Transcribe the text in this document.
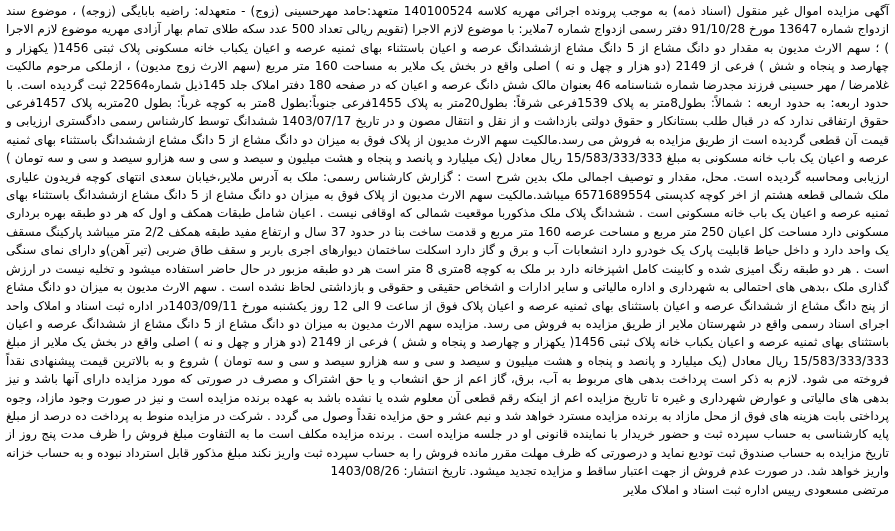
آگهی مزایده اموال غیر منقول (اسناد ذمه) به موجب پرونده اجرائی مهریه کلاسه 140100524 متعهد:حامد مهرحسینی (زوج) - متعهدله: راضیه بابایگی (زوجه) ، موضوع سند ازدواج شماره 13647 مورخ 91/10/28 دفتر رسمی ازدواج شماره 7ملایر: با موضوع لازم الاجرا (تقویم ریالی تعداد 500 عدد سکه طلای تمام بهار آزادی مهریه موضوع لازم الاجرا ) ؛ سهم الارث مدیون به مقدار دو دانگ مشاع از 5 دانگ مشاع ازششدانگ عرصه و اعیان باستثناء بهای ثمنیه عرصه و اعیان یکباب خانه مسکونی پلاک ثبتی 1456( یکهزار و چهارصد و پنجاه و شش ) فرعی از 2149 (دو هزار و چهل و نه ) اصلی واقع در بخش یک ملایر به مساحت 160 متر مربع (سهم الارث زوج مدیون) ، ازملکی مرحوم مالکیت غلامرضا / مهر حسینی فرزند مجدرضا شماره شناسنامه 46 بعنوان مالک شش دانگ عرصه و اعیان که در صفحه 180 دفتر املاک جلد 145ذیل شماره22564 ثبت گردیده است. با حدود اربعه: به حدود اربعه : شمالاً: بطول8متر به پلاک 1539فرعی شرقاً: بطول20متر به پلاک 1455فرعی جنوباً:بطول 8متر به کوچه غرباً: بطول 20متربه پلاک 1457فرعی حقوق ارتفاقی ندارد که در قبال طلب بستانکار و حقوق دولتی بازداشت و از نقل و انتقال مصون و در تاریخ 1403/07/17 ششدانگ توسط کارشناس رسمی دادگستری ارزیابی و قیمت آن قطعی گردیده است از طریق مزایده به فروش می رسد.مالکیت سهم الارث مدیون از پلاک فوق به میزان دو دانگ مشاع از 5 دانگ مشاع ازششدانگ باستثناء بهای ثمنیه عرصه و اعیان یک باب خانه مسکونی به مبلغ 15/583/333/333 ریال معادل (یک میلیارد و پانصد و پنجاه و هشت میلیون و سیصد و سی و سه هزارو سیصد و سی و سه تومان ) ارزیابی ومحاسبه گردیده است. محل، مقدار و توصیف اجمالی ملک بدین شرح است : گزارش کارشناس رسمی: ملک به آدرس ملایر،خیابان سعدی انتهای کوچه فریدون علیاری ملک شمالی قطعه هشتم از اخر کوچه کدپستی 6571689554 میباشد.مالکیت سهم الارث مدیون از پلاک فوق به میزان دو دانگ مشاع از 5 دانگ مشاع ازششدانگ باستثناء بهای ثمنیه عرصه و اعیان یک باب خانه مسکونی است . ششدانگ پلاک ملک مذکوربا موقعیت شمالی که اوقافی نیست . اعیان شامل طبقات همکف و اول که هر دو طبقه بهره برداری مسکونی دارد مساحت کل اعیان 250 متر مربع و مساحت عرصه 160 متر مربع و قدمت ساخت بنا در حدود 37 سال و ارتفاع مفید طبقه همکف 2/2 متر میباشد پارکینگ مسقف یک واحد دارد و داخل حیاط قابلیت پارک یک خودرو دارد انشعابات آب و برق و گاز دارد اسکلت ساختمان دیوارهای اجری باربر و سقف طاق ضربی (تیر آهن)و دارای نمای سنگی است . هر دو طبقه رنگ امیزی شده و کابینت کامل اشپزخانه دارد بر ملک به کوچه 8متری 8 متر است هر دو طبقه مزبور در حال حاضر استفاده میشود و تخلیه نیست در ارزش گذاری ملک ،بدهی های احتمالی به شهرداری و اداره مالیاتی و سایر ادارات و اشخاص حقیقی و حقوقی و بازداشتی لحاظ نشده است . سهم الارث مدیون به میزان دو دانگ مشاع از پنج دانگ مشاع از ششدانگ عرصه و اعیان باستثنای بهای ثمنیه عرصه و اعیان پلاک فوق از ساعت 9 الی 12 روز یکشنبه مورخ 1403/09/11در اداره ثبت اسناد و املاک واحد اجرای اسناد رسمی واقع در شهرستان ملایر از طریق مزایده به فروش می رسد. مزایده سهم الارث مدیون به میزان دو دانگ مشاع از 5 دانگ مشاع از ششدانگ عرصه و اعیان باستثنای بهای ثمنیه عرصه و اعیان یکباب خانه پلاک ثبتی 1456( یکهزار و چهارصد و پنجاه و شش ) فرعی از 2149 (دو هزار و چهل و نه ) اصلی واقع در بخش یک ملایر از مبلغ 15/583/333/333 ریال معادل (یک میلیارد و پانصد و پنجاه و هشت میلیون و سیصد و سی و سه هزارو سیصد و سی و سه تومان ) شروع و به بالاترین قیمت پیشنهادی نقداً فروخته می شود. لازم به ذکر است پرداخت بدهی های مربوط به آب، برق، گاز اعم از حق انشعاب و یا حق اشتراک و مصرف در صورتی که مورد مزایده دارای آنها باشد و نیز بدهی های مالیاتی و عوارض شهرداری و غیره تا تاریخ مزایده اعم از اینکه رقم قطعی آن معلوم شده یا نشده باشد به عهده برنده مزایده است و نیز در صورت وجود مازاد، وجوه پرداختی بابت هزینه های فوق از محل مازاد به برنده مزایده مسترد خواهد شد و نیم عشر و حق مزایده نقداً وصول می گردد . شرکت در مزایده منوط به پرداخت ده درصد از مبلغ پایه کارشناسی به حساب سپرده ثبت و حضور خریدار با نماینده قانونی او در جلسه مزایده است . برنده مزایده مکلف است ما به التفاوت مبلغ فروش را ظرف مدت پنج روز از تاریخ مزایده به حساب صندوق ثبت تودیع نماید و درصورتی که ظرف مهلت مقرر مانده فروش را به حساب سپرده ثبت واریز نکند مبلغ مذکور قابل استرداد نبوده و به حساب خزانه واریز خواهد شد. در صورت عدم فروش از جهت اعتبار ساقط و مزایده تجدید میشود. تاریخ انتشار: 1403/08/26

مرتضی مسعودی رییس اداره ثبت اسناد و املاک ملایر
